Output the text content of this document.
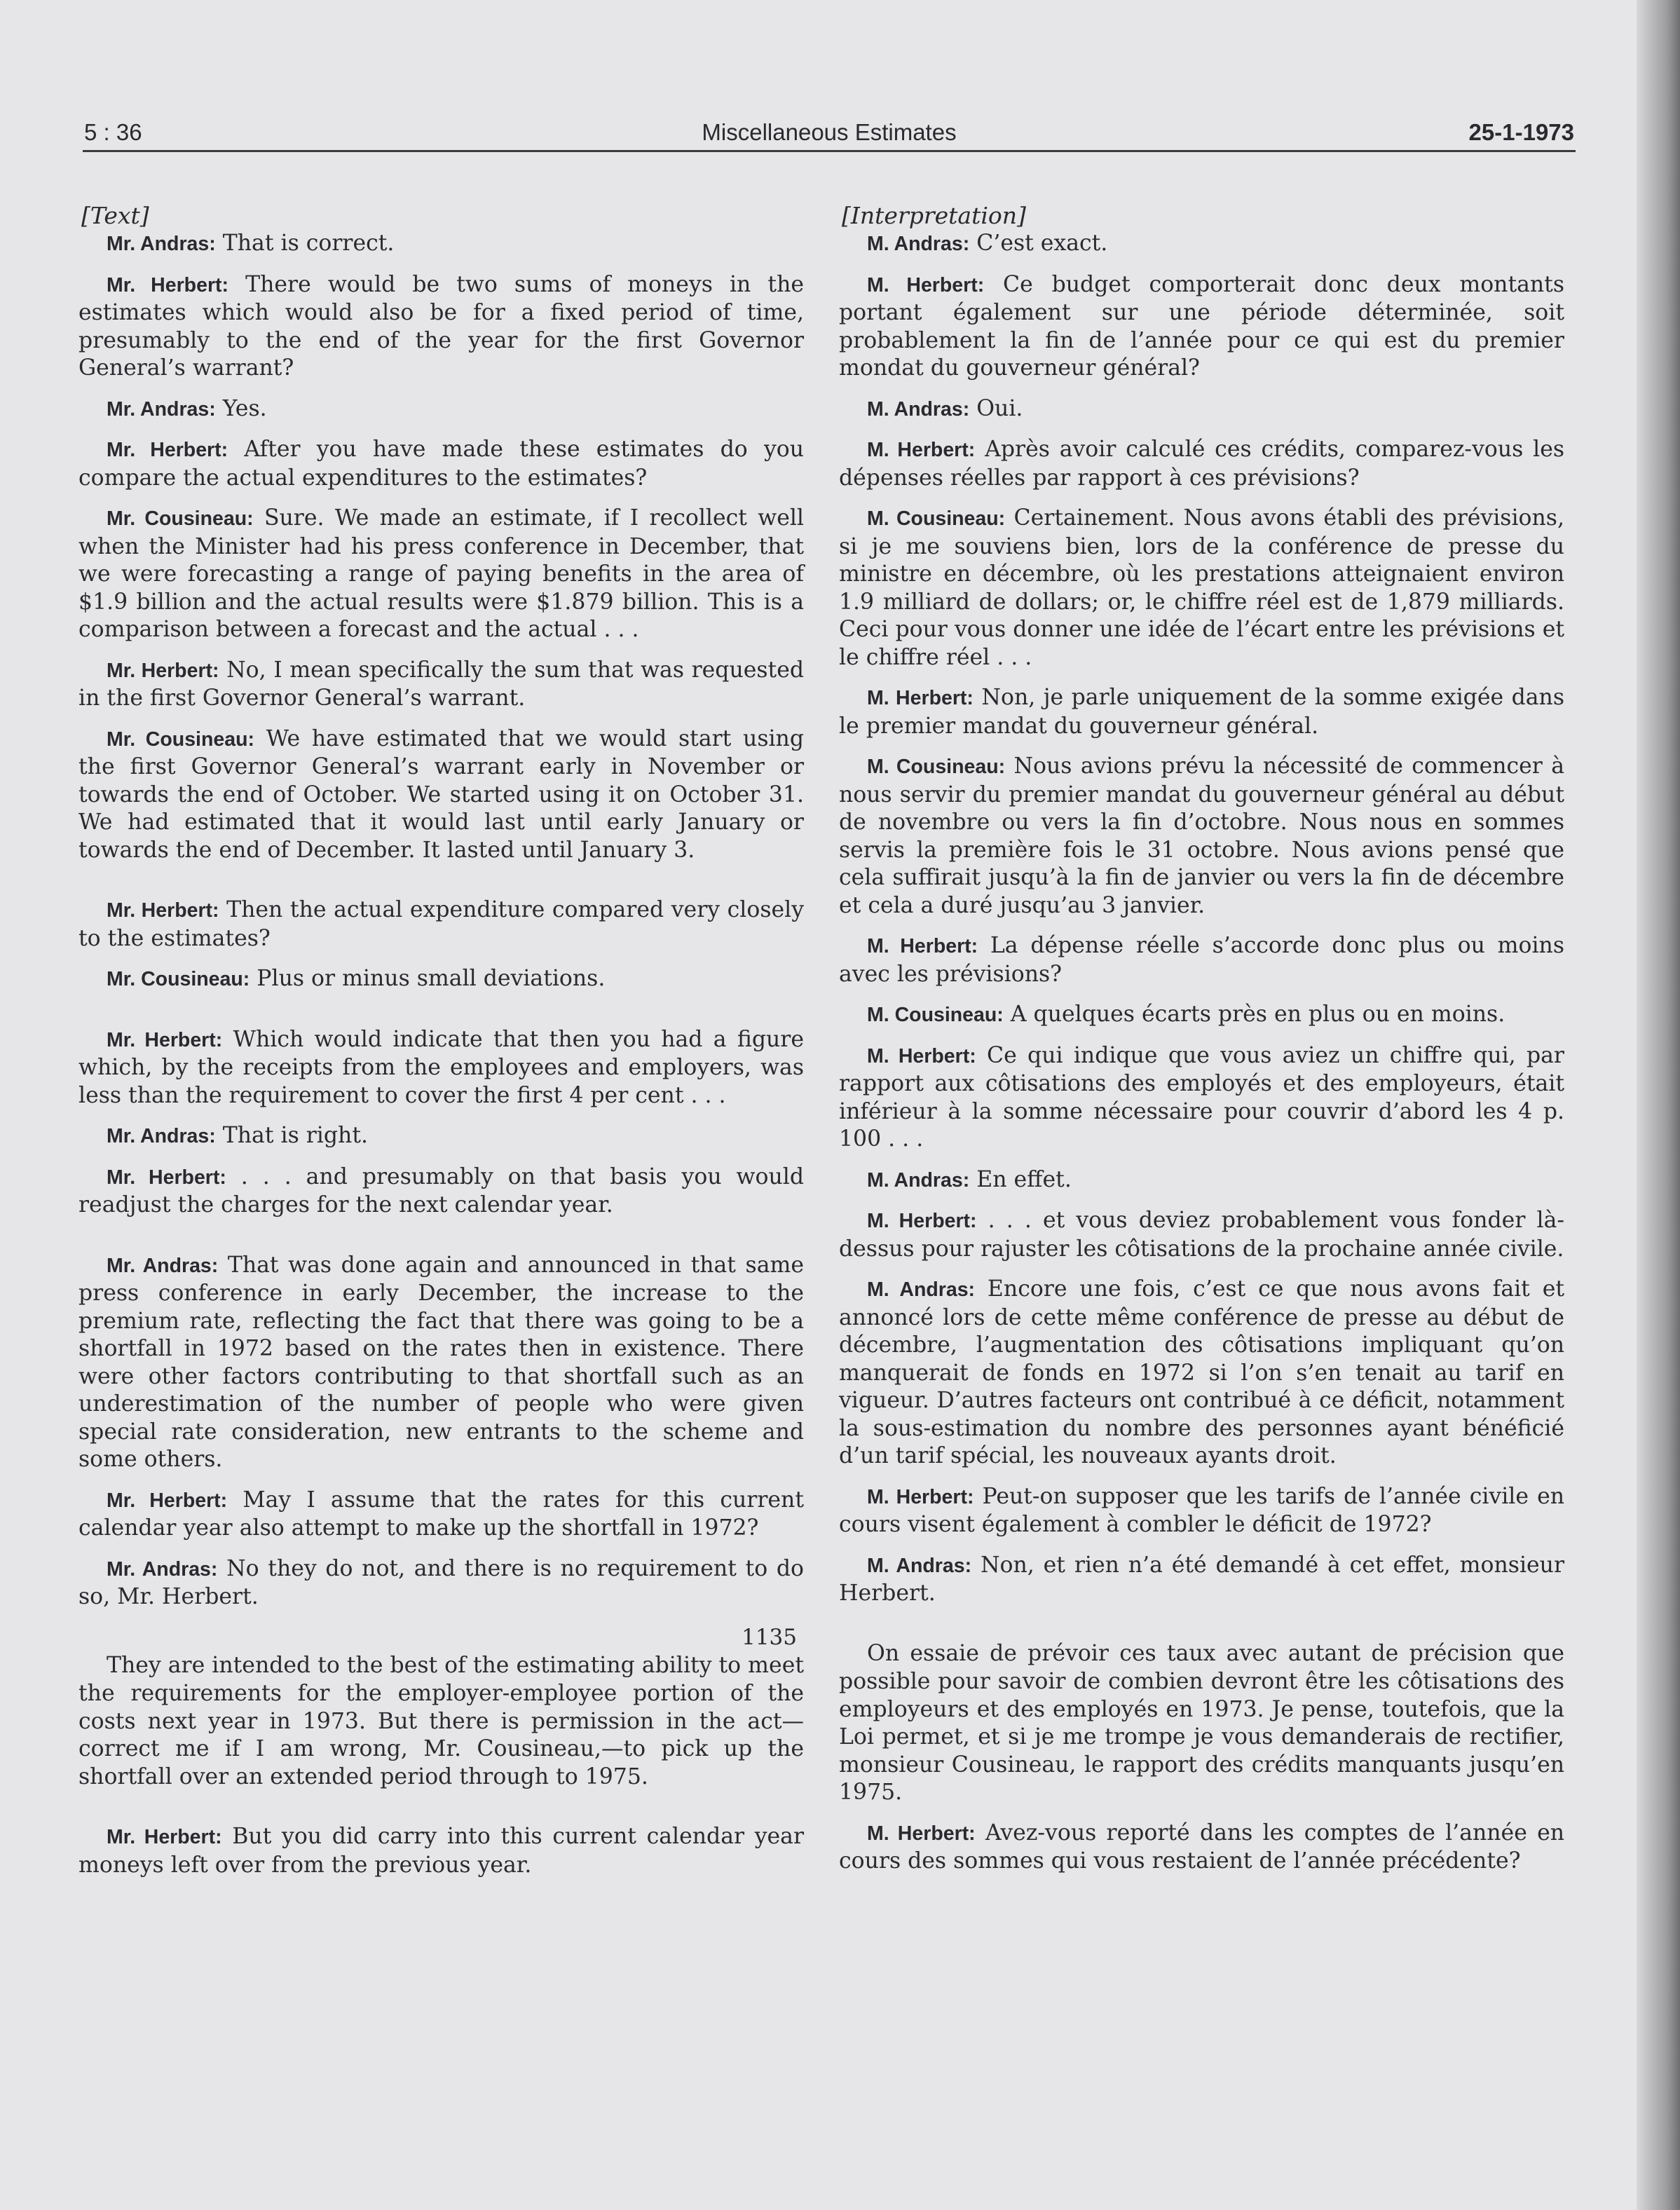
5 : 36	Miscellaneous Estimates	25-1-1973
[Text]

Mr. Andras: That is correct.

Mr. Herbert: There would be two sums of moneys in the estimates which would also be for a fixed period of time, presumably to the end of the year for the first Governor General’s warrant?

Mr. Andras: Yes.

Mr. Herbert: After you have made these estimates do you compare the actual expenditures to the estimates?

Mr. Cousineau: Sure. We made an estimate, if I recollect well when the Minister had his press conference in December, that we were forecasting a range of paying benefits in the area of $1.9 billion and the actual results were $1.879 billion. This is a comparison between a forecast and the actual . . .

Mr. Herbert: No, I mean specifically the sum that was requested in the first Governor General’s warrant.

Mr. Cousineau: We have estimated that we would start using the first Governor General’s warrant early in November or towards the end of October. We started using it on October 31. We had estimated that it would last until early January or towards the end of December. It lasted until January 3.

Mr. Herbert: Then the actual expenditure compared very closely to the estimates?

Mr. Cousineau: Plus or minus small deviations.

Mr. Herbert: Which would indicate that then you had a figure which, by the receipts from the employees and employers, was less than the requirement to cover the first 4 per cent . . .

Mr. Andras: That is right.

Mr. Herbert: . . . and presumably on that basis you would readjust the charges for the next calendar year.

Mr. Andras: That was done again and announced in that same press conference in early December, the increase to the premium rate, reflecting the fact that there was going to be a shortfall in 1972 based on the rates then in existence. There were other factors contributing to that shortfall such as an underestimation of the number of people who were given special rate consideration, new entrants to the scheme and some others.

Mr. Herbert: May I assume that the rates for this current calendar year also attempt to make up the shortfall in 1972?

Mr. Andras: No they do not, and there is no requirement to do so, Mr. Herbert.

1135

They are intended to the best of the estimating ability to meet the requirements for the employer-employee portion of the costs next year in 1973. But there is permission in the act—correct me if I am wrong, Mr. Cousineau,—to pick up the shortfall over an extended period through to 1975.

Mr. Herbert: But you did carry into this current calendar year moneys left over from the previous year.

[Interpretation]

M. Andras: C’est exact.

M. Herbert: Ce budget comporterait donc deux montants portant également sur une période déterminée, soit probablement la fin de l’année pour ce qui est du premier mondat du gouverneur général?

M. Andras: Oui.

M. Herbert: Après avoir calculé ces crédits, comparez-vous les dépenses réelles par rapport à ces prévisions?

M. Cousineau: Certainement. Nous avons établi des prévisions, si je me souviens bien, lors de la conférence de presse du ministre en décembre, où les prestations atteignaient environ 1.9 milliard de dollars; or, le chiffre réel est de 1,879 milliards. Ceci pour vous donner une idée de l’écart entre les prévisions et le chiffre réel . . .

M. Herbert: Non, je parle uniquement de la somme exigée dans le premier mandat du gouverneur général.

M. Cousineau: Nous avions prévu la nécessité de commencer à nous servir du premier mandat du gouverneur général au début de novembre ou vers la fin d’octobre. Nous nous en sommes servis la première fois le 31 octobre. Nous avions pensé que cela suffirait jusqu’à la fin de janvier ou vers la fin de décembre et cela a duré jusqu’au 3 janvier.

M. Herbert: La dépense réelle s’accorde donc plus ou moins avec les prévisions?

M. Cousineau: A quelques écarts près en plus ou en moins.

M. Herbert: Ce qui indique que vous aviez un chiffre qui, par rapport aux côtisations des employés et des employeurs, était inférieur à la somme nécessaire pour couvrir d’abord les 4 p. 100 . . .

M. Andras: En effet.

M. Herbert: . . . et vous deviez probablement vous fonder là-dessus pour rajuster les côtisations de la prochaine année civile.

M. Andras: Encore une fois, c’est ce que nous avons fait et annoncé lors de cette même conférence de presse au début de décembre, l’augmentation des côtisations impliquant qu’on manquerait de fonds en 1972 si l’on s’en tenait au tarif en vigueur. D’autres facteurs ont contribué à ce déficit, notamment la sous-estimation du nombre des personnes ayant bénéficié d’un tarif spécial, les nouveaux ayants droit.

M. Herbert: Peut-on supposer que les tarifs de l’année civile en cours visent également à combler le déficit de 1972?

M. Andras: Non, et rien n’a été demandé à cet effet, monsieur Herbert.

On essaie de prévoir ces taux avec autant de précision que possible pour savoir de combien devront être les côtisations des employeurs et des employés en 1973. Je pense, toutefois, que la Loi permet, et si je me trompe je vous demanderais de rectifier, monsieur Cousineau, le rapport des crédits manquants jusqu’en 1975.

M. Herbert: Avez-vous reporté dans les comptes de l’année en cours des sommes qui vous restaient de l’année précédente?
